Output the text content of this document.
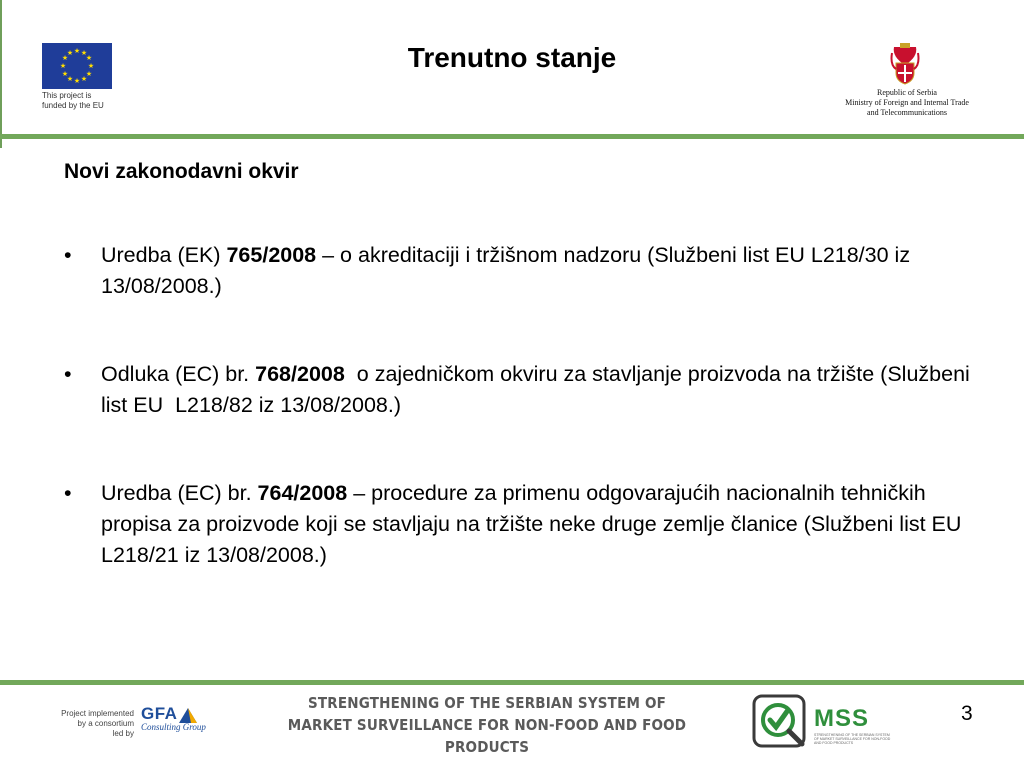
★ ★
★
★
★
★
★
★
★
★
★
★
This project is
funded by the EU
Trenutno stanje
Republic of Serbia
Ministry of Foreign and Internal Trade
and Telecommunications
Novi zakonodavni okvir
• Uredba (EK) 765/2008 – o akreditaciji i tržišnom nadzoru (Službeni list EU L218/30 iz 13/08/2008.)
• Odluka (EC) br. 768/2008  o zajedničkom okviru za stavljanje proizvoda na tržište (Službeni list EU  L218/82 iz 13/08/2008.)
• Uredba (EC) br. 764/2008 – procedure za primenu odgovarajućih nacionalnih tehničkih propisa za proizvode koji se stavljaju na tržište neke druge zemlje članice (Službeni list EU L218/21 iz 13/08/2008.)
Project implemented
by a consortium
led by
GFA
Consulting Group
STRENGTHENING OF THE SERBIAN SYSTEM OF
MARKET SURVEILLANCE FOR NON-FOOD AND FOOD PRODUCTS
MSS
STRENGTHENING OF THE SERBIAN SYSTEM OF MARKET SURVEILLANCE FOR NON-FOOD AND FOOD PRODUCTS
3
